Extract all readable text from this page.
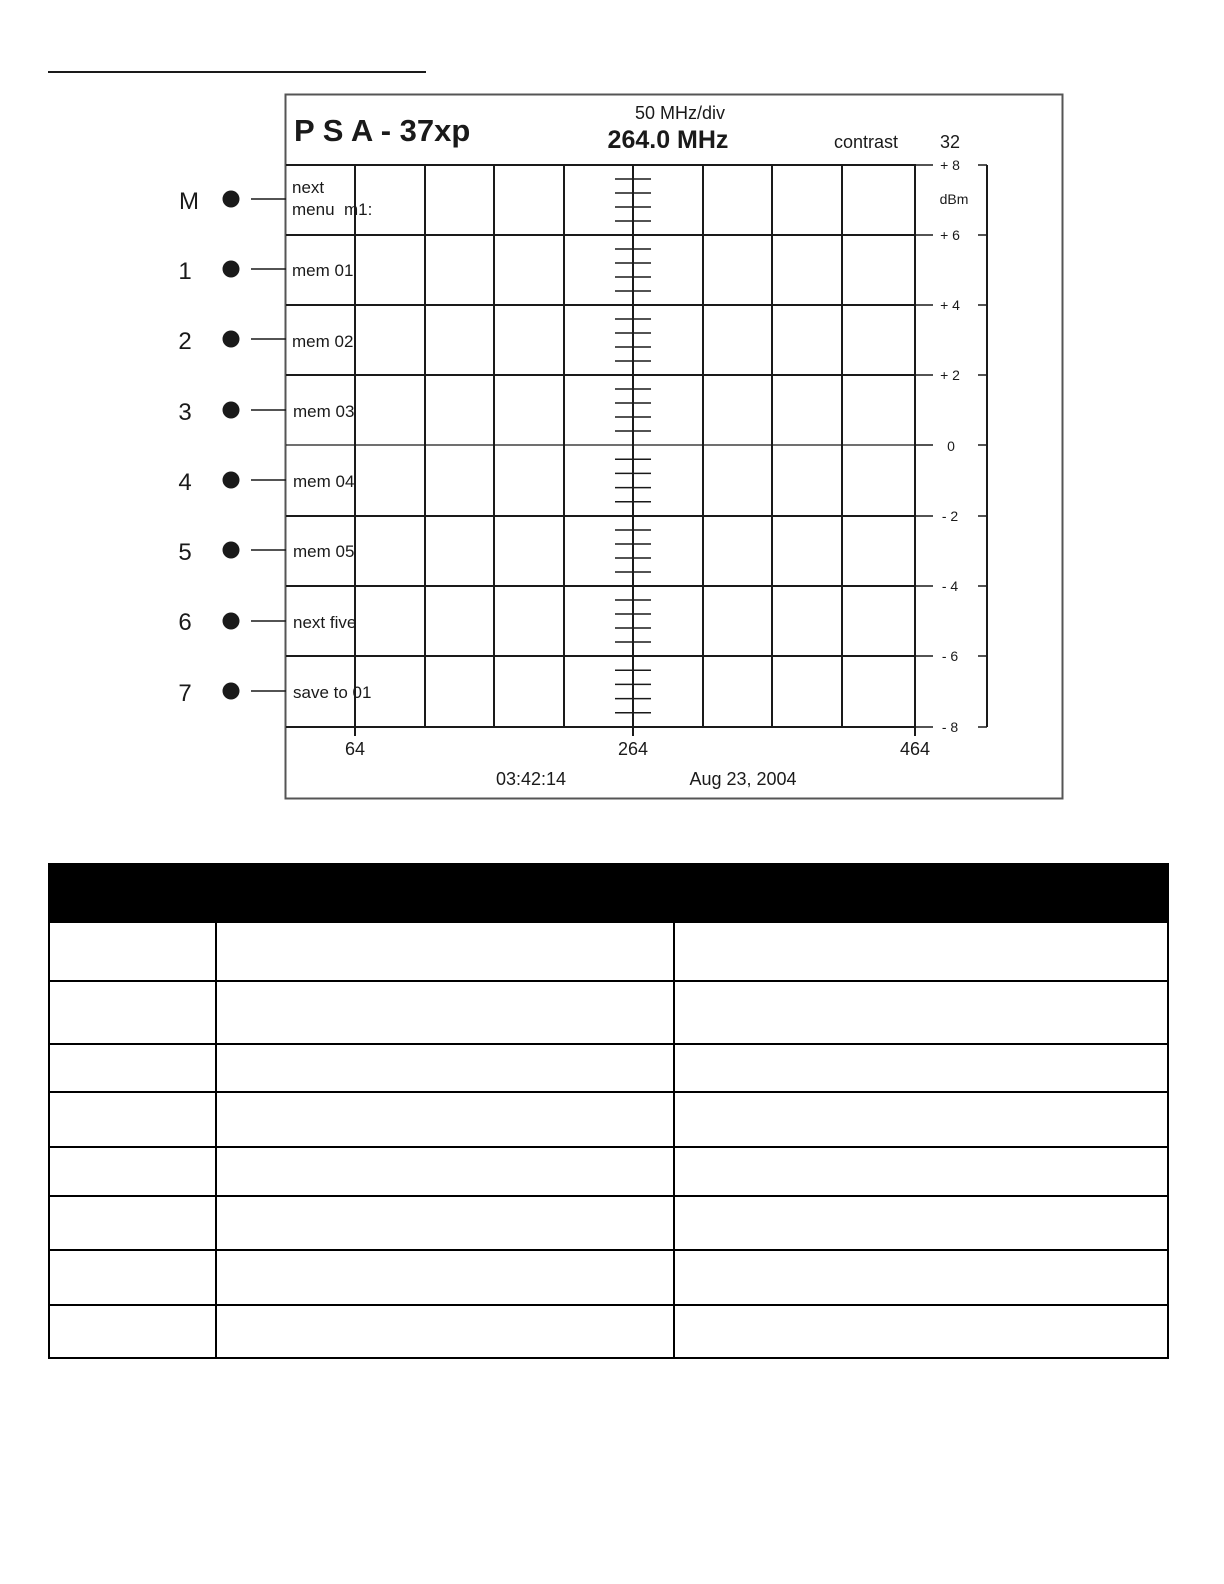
P S A - 37xp	50 MHz/div
264.0 MHz	contrast 32
dBm
+ 8
+ 6
+ 4
+ 2
0
- 2
- 4
- 6
- 8
64	264	464
03:42:14	Aug 23, 2004
M
next
menu  m1:
1	mem 01
2	mem 02
3	mem 03
4	mem 04
5	mem 05
6	next five
7	save to 01
